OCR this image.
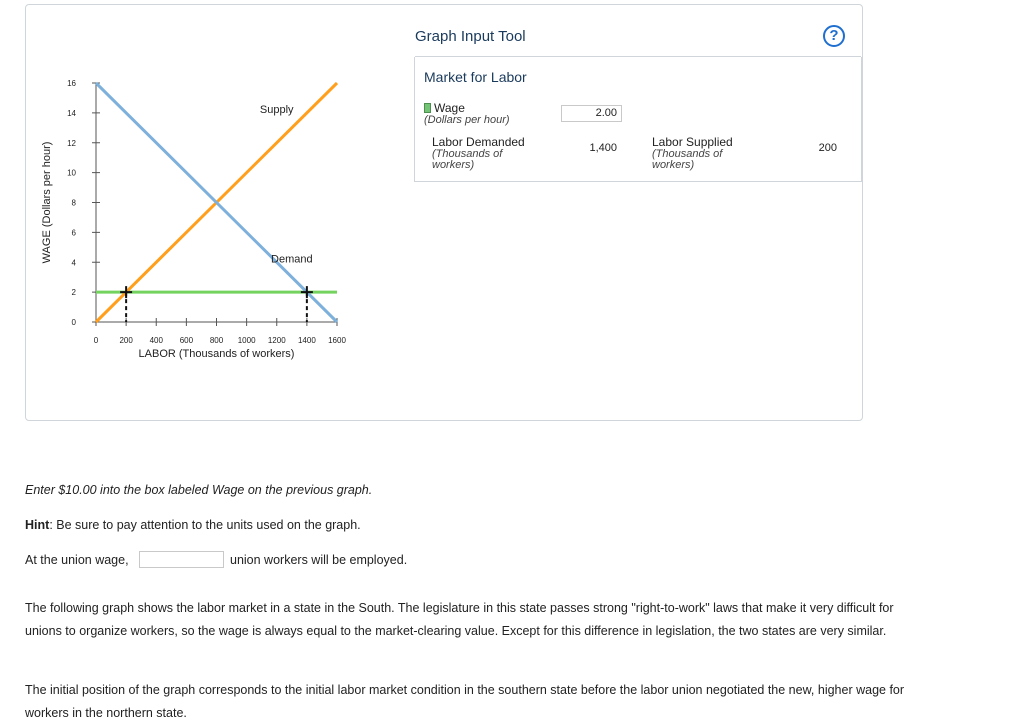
0
2
4
6
8
10
12
14
16
0	200 400 600 800 1000 1200 1400 1600
LABOR (Thousands of workers)
WAGE (Dollars per hour)
Supply
Demand
Graph Input Tool	?
Market for Labor
Wage
(Dollars per hour)
2.00
Labor Demanded
(Thousands of workers)
1,400	Labor Supplied
(Thousands of workers)
200
Enter $10.00 into the box labeled Wage on the previous graph.
Hint: Be sure to pay attention to the units used on the graph.
At the union wage,	union workers will be employed.
The following graph shows the labor market in a state in the South. The legislature in this state passes strong "right-to-work" laws that make it very difficult for unions to organize workers, so the wage is always equal to the market-clearing value. Except for this difference in legislation, the two states are very similar.
The initial position of the graph corresponds to the initial labor market condition in the southern state before the labor union negotiated the new, higher wage for workers in the northern state.
